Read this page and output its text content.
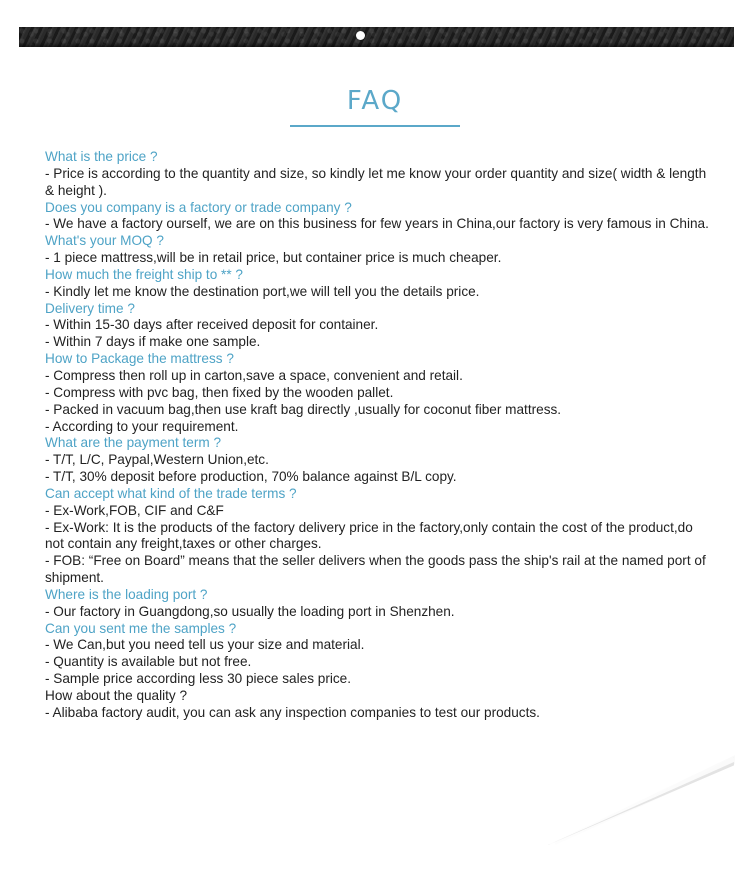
FAQ
What is the price ?
- Price is according to the quantity and size, so kindly let me know your order quantity and size( width & length & height ).
Does you company is a factory or trade company ?
- We have a factory ourself, we are on this business for few years in China,our factory is very famous in China.
What's your MOQ ?
- 1 piece mattress,will be in retail price, but container price is much cheaper.
How much the freight ship to ** ?
- Kindly let me know the destination port,we will tell you the details price.
Delivery time ?
- Within 15-30 days after received deposit for container.
- Within 7 days if make one sample.
How to Package the mattress ?
- Compress then roll up in carton,save a space, convenient and retail.
- Compress with pvc bag, then fixed by the wooden pallet.
- Packed in vacuum bag,then use kraft bag directly ,usually for coconut fiber mattress.
- According to your requirement.
What are the payment term ?
- T/T, L/C, Paypal,Western Union,etc.
- T/T, 30% deposit before production, 70% balance against B/L copy.
Can accept what kind of the trade terms ?
- Ex-Work,FOB, CIF and C&F
- Ex-Work: It is the products of the factory delivery price in the factory,only contain the cost of the product,do not contain any freight,taxes or other charges.
- FOB: “Free on Board” means that the seller delivers when the goods pass the ship's rail at the named port of shipment.
Where is the loading port ?
- Our factory in Guangdong,so usually the loading port in Shenzhen.
Can you sent me the samples ?
- We Can,but you need tell us your size and material.
- Quantity is available but not free.
- Sample price according less 30 piece sales price.
How about the quality ?
- Alibaba factory audit, you can ask any inspection companies to test our products.
